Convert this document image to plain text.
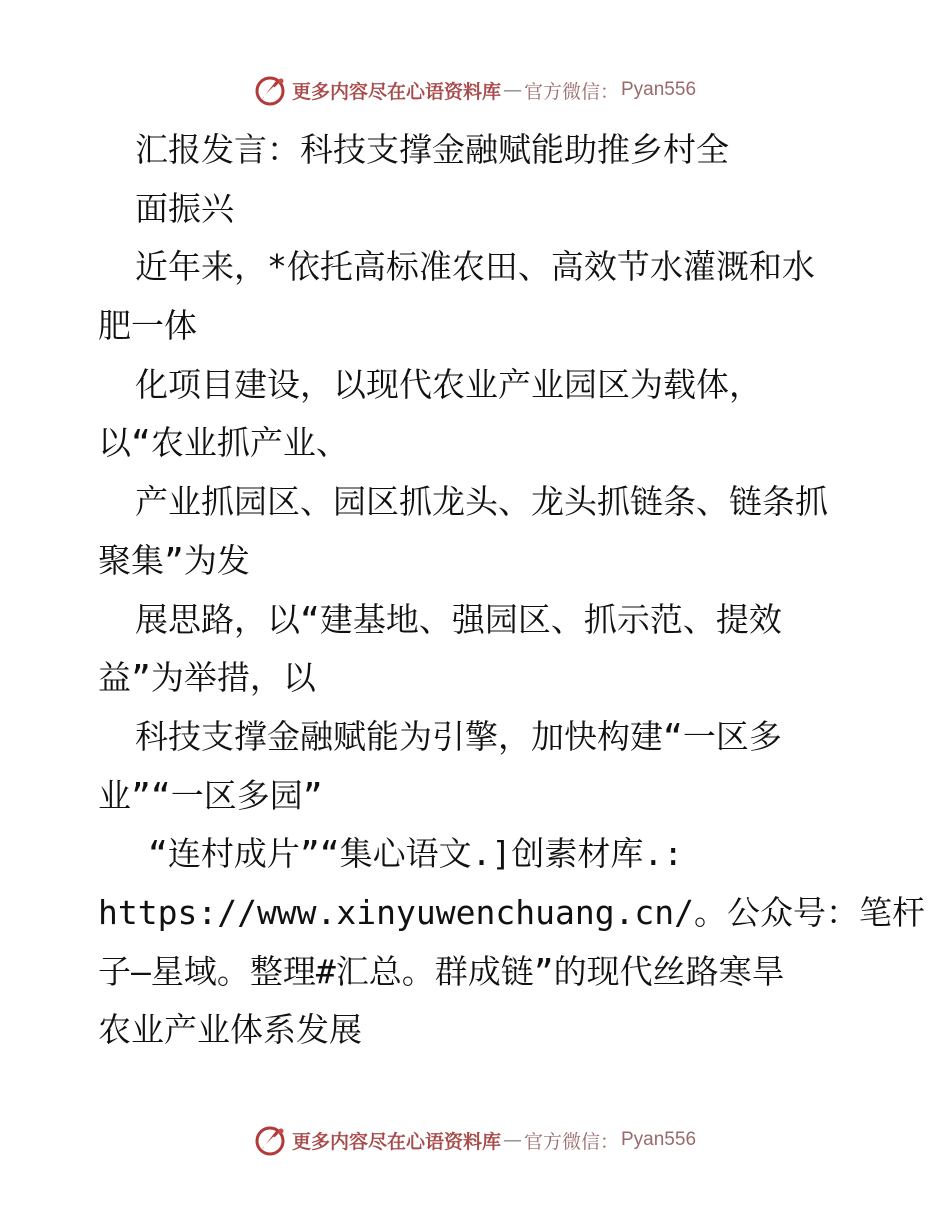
更多内容尽在心语资料库 — 官方微信： Pyan556
汇报发言：科技支撑金融赋能助推乡村全
面振兴
近年来，*依托高标准农田、高效节水灌溉和水
肥一体
化项目建设，以现代农业产业园区为载体，
以“农业抓产业、
产业抓园区、园区抓龙头、龙头抓链条、链条抓
聚集”为发
展思路，以“建基地、强园区、抓示范、提效
益”为举措，以
科技支撑金融赋能为引擎，加快构建“一区多
业”“一区多园”
“连村成片”“集心语文.]创素材库.:
https://www.xinyuwenchuang.cn/。公众号：笔杆
子—星域。整理#汇总。群成链”的现代丝路寒旱
农业产业体系发展
更多内容尽在心语资料库 — 官方微信： Pyan556
